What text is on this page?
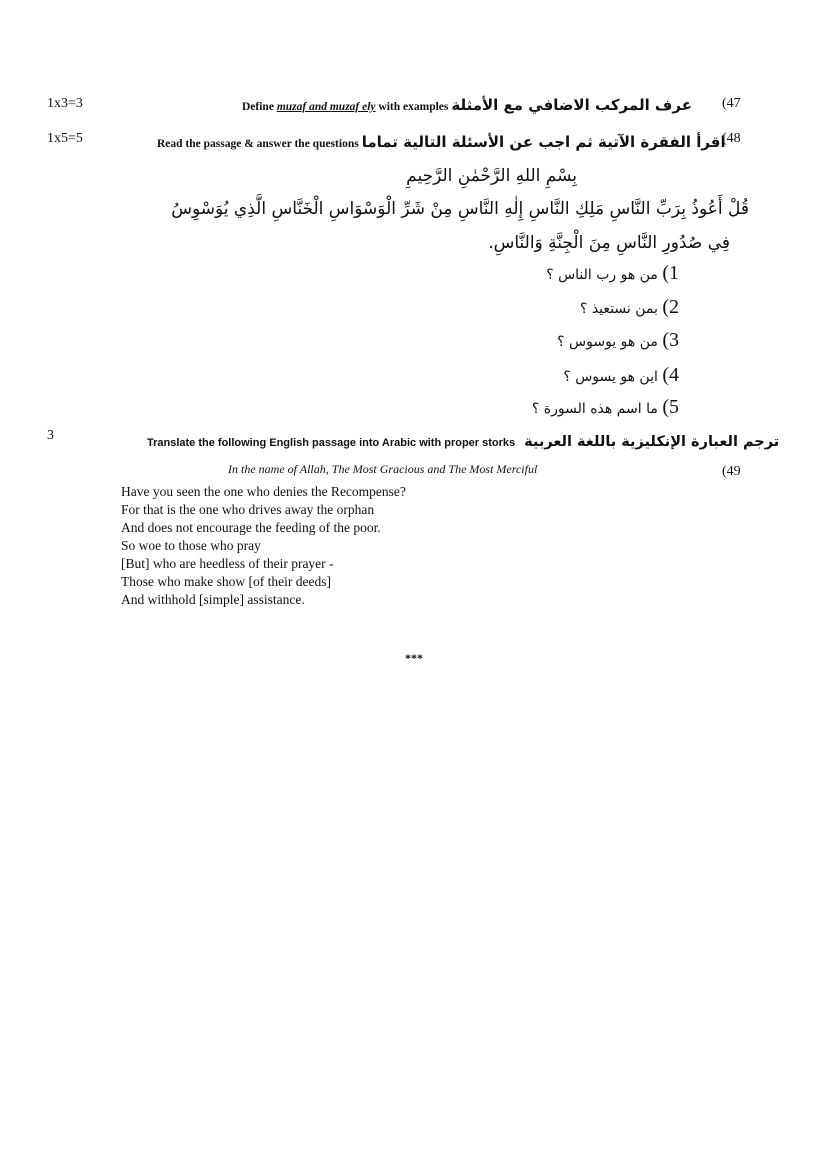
1x3=3	Define muzaf and muzaf ely with examples عرف المركب الاضافي مع الأمثلة (47
1x5=5	Read the passage & answer the questions اقرأ الفقرة الآتية ثم اجب عن الأسئلة التالية تماما
(48
بِسْمِ اللهِ الرَّحْمٰنِ الرَّحِيمِ
قُلْ أَعُوذُ بِرَبِّ النَّاسِ مَلِكِ النَّاسِ إِلٰهِ النَّاسِ مِنْ شَرِّ الْوَسْوَاسِ الْخَنَّاسِ الَّذِي يُوَسْوِسُ
فِي صُدُورِ النَّاسِ مِنَ الْجِنَّةِ وَالنَّاسِ.
1) من هو رب الناس ؟
2) بمن نستعيذ ؟
3) من هو يوسوس ؟
4) اين هو يسوس ؟
5) ما اسم هذه السورة ؟
3	Translate the following English passage into Arabic with proper storks ترجم العبارة الإنكليزية باللغة العربية
In the name of Allah, The Most Gracious and The Most Merciful	(49
Have you seen the one who denies the Recompense?
For that is the one who drives away the orphan
And does not encourage the feeding of the poor.
So woe to those who pray
[But] who are heedless of their prayer -
Those who make show [of their deeds]
And withhold [simple] assistance.
***
